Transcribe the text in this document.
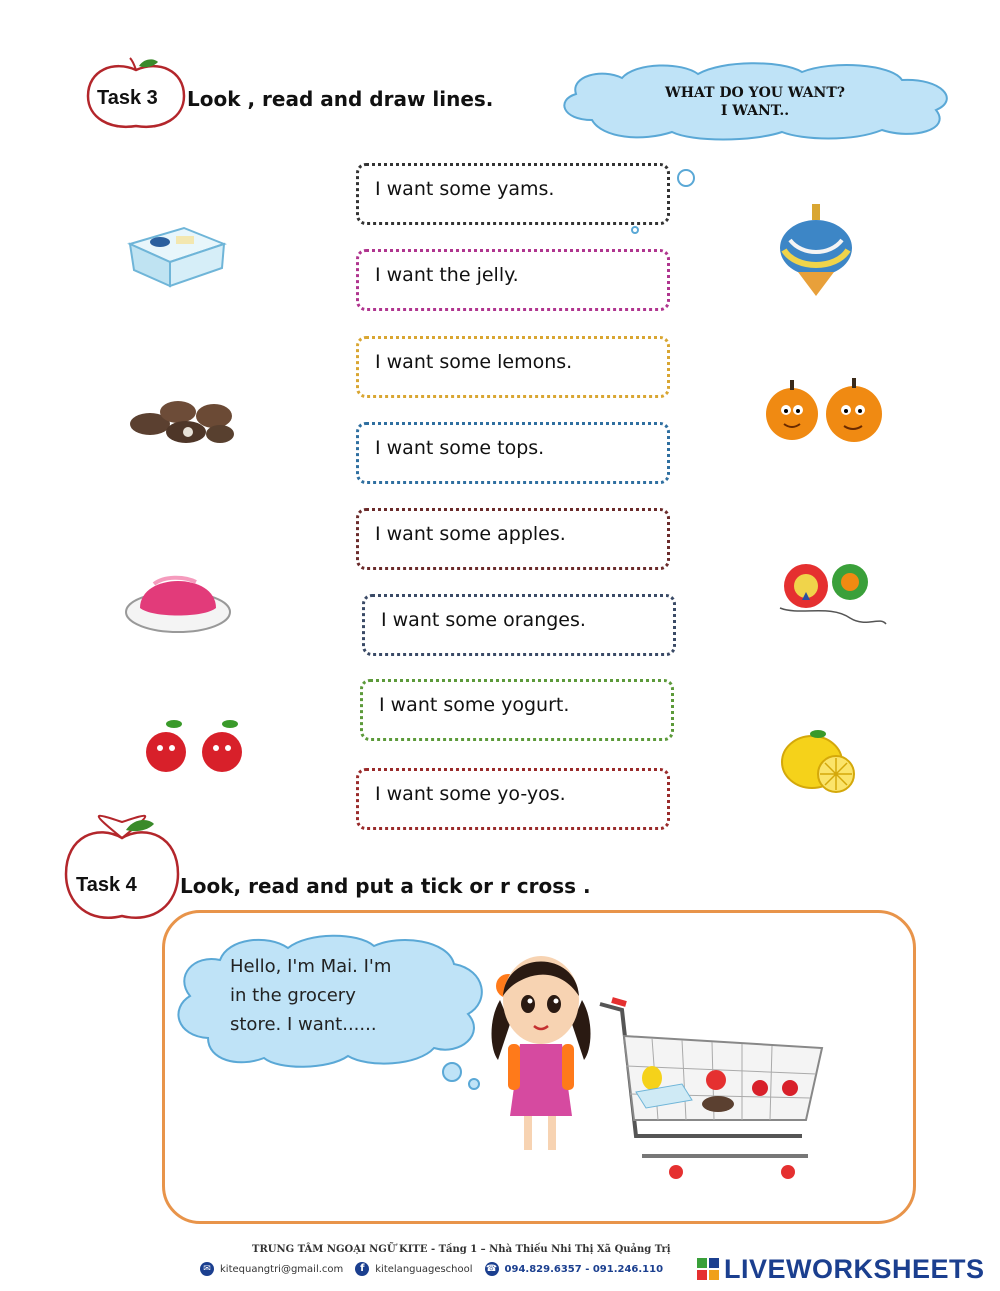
Task 3 Look , read and draw lines.	WHAT DO YOU WANT?
I WANT..
I want some yams.
I want the jelly.
I want some lemons.
I want some tops.
I want some apples.
I want some oranges.
I want some yogurt.
I want some yo-yos.
Task 4 Look, read and put a tick or r cross .
Hello, I'm Mai. I'm
in the grocery
store. I want......
TRUNG TÂM NGOẠI NGỮ KITE - Tầng 1 – Nhà Thiếu Nhi Thị Xã Quảng Trị
✉ kitequangtri@gmail.com	f	kitelanguageschool ☎ 094.829.6357 - 091.246.110 LIVEWORKSHEETS
